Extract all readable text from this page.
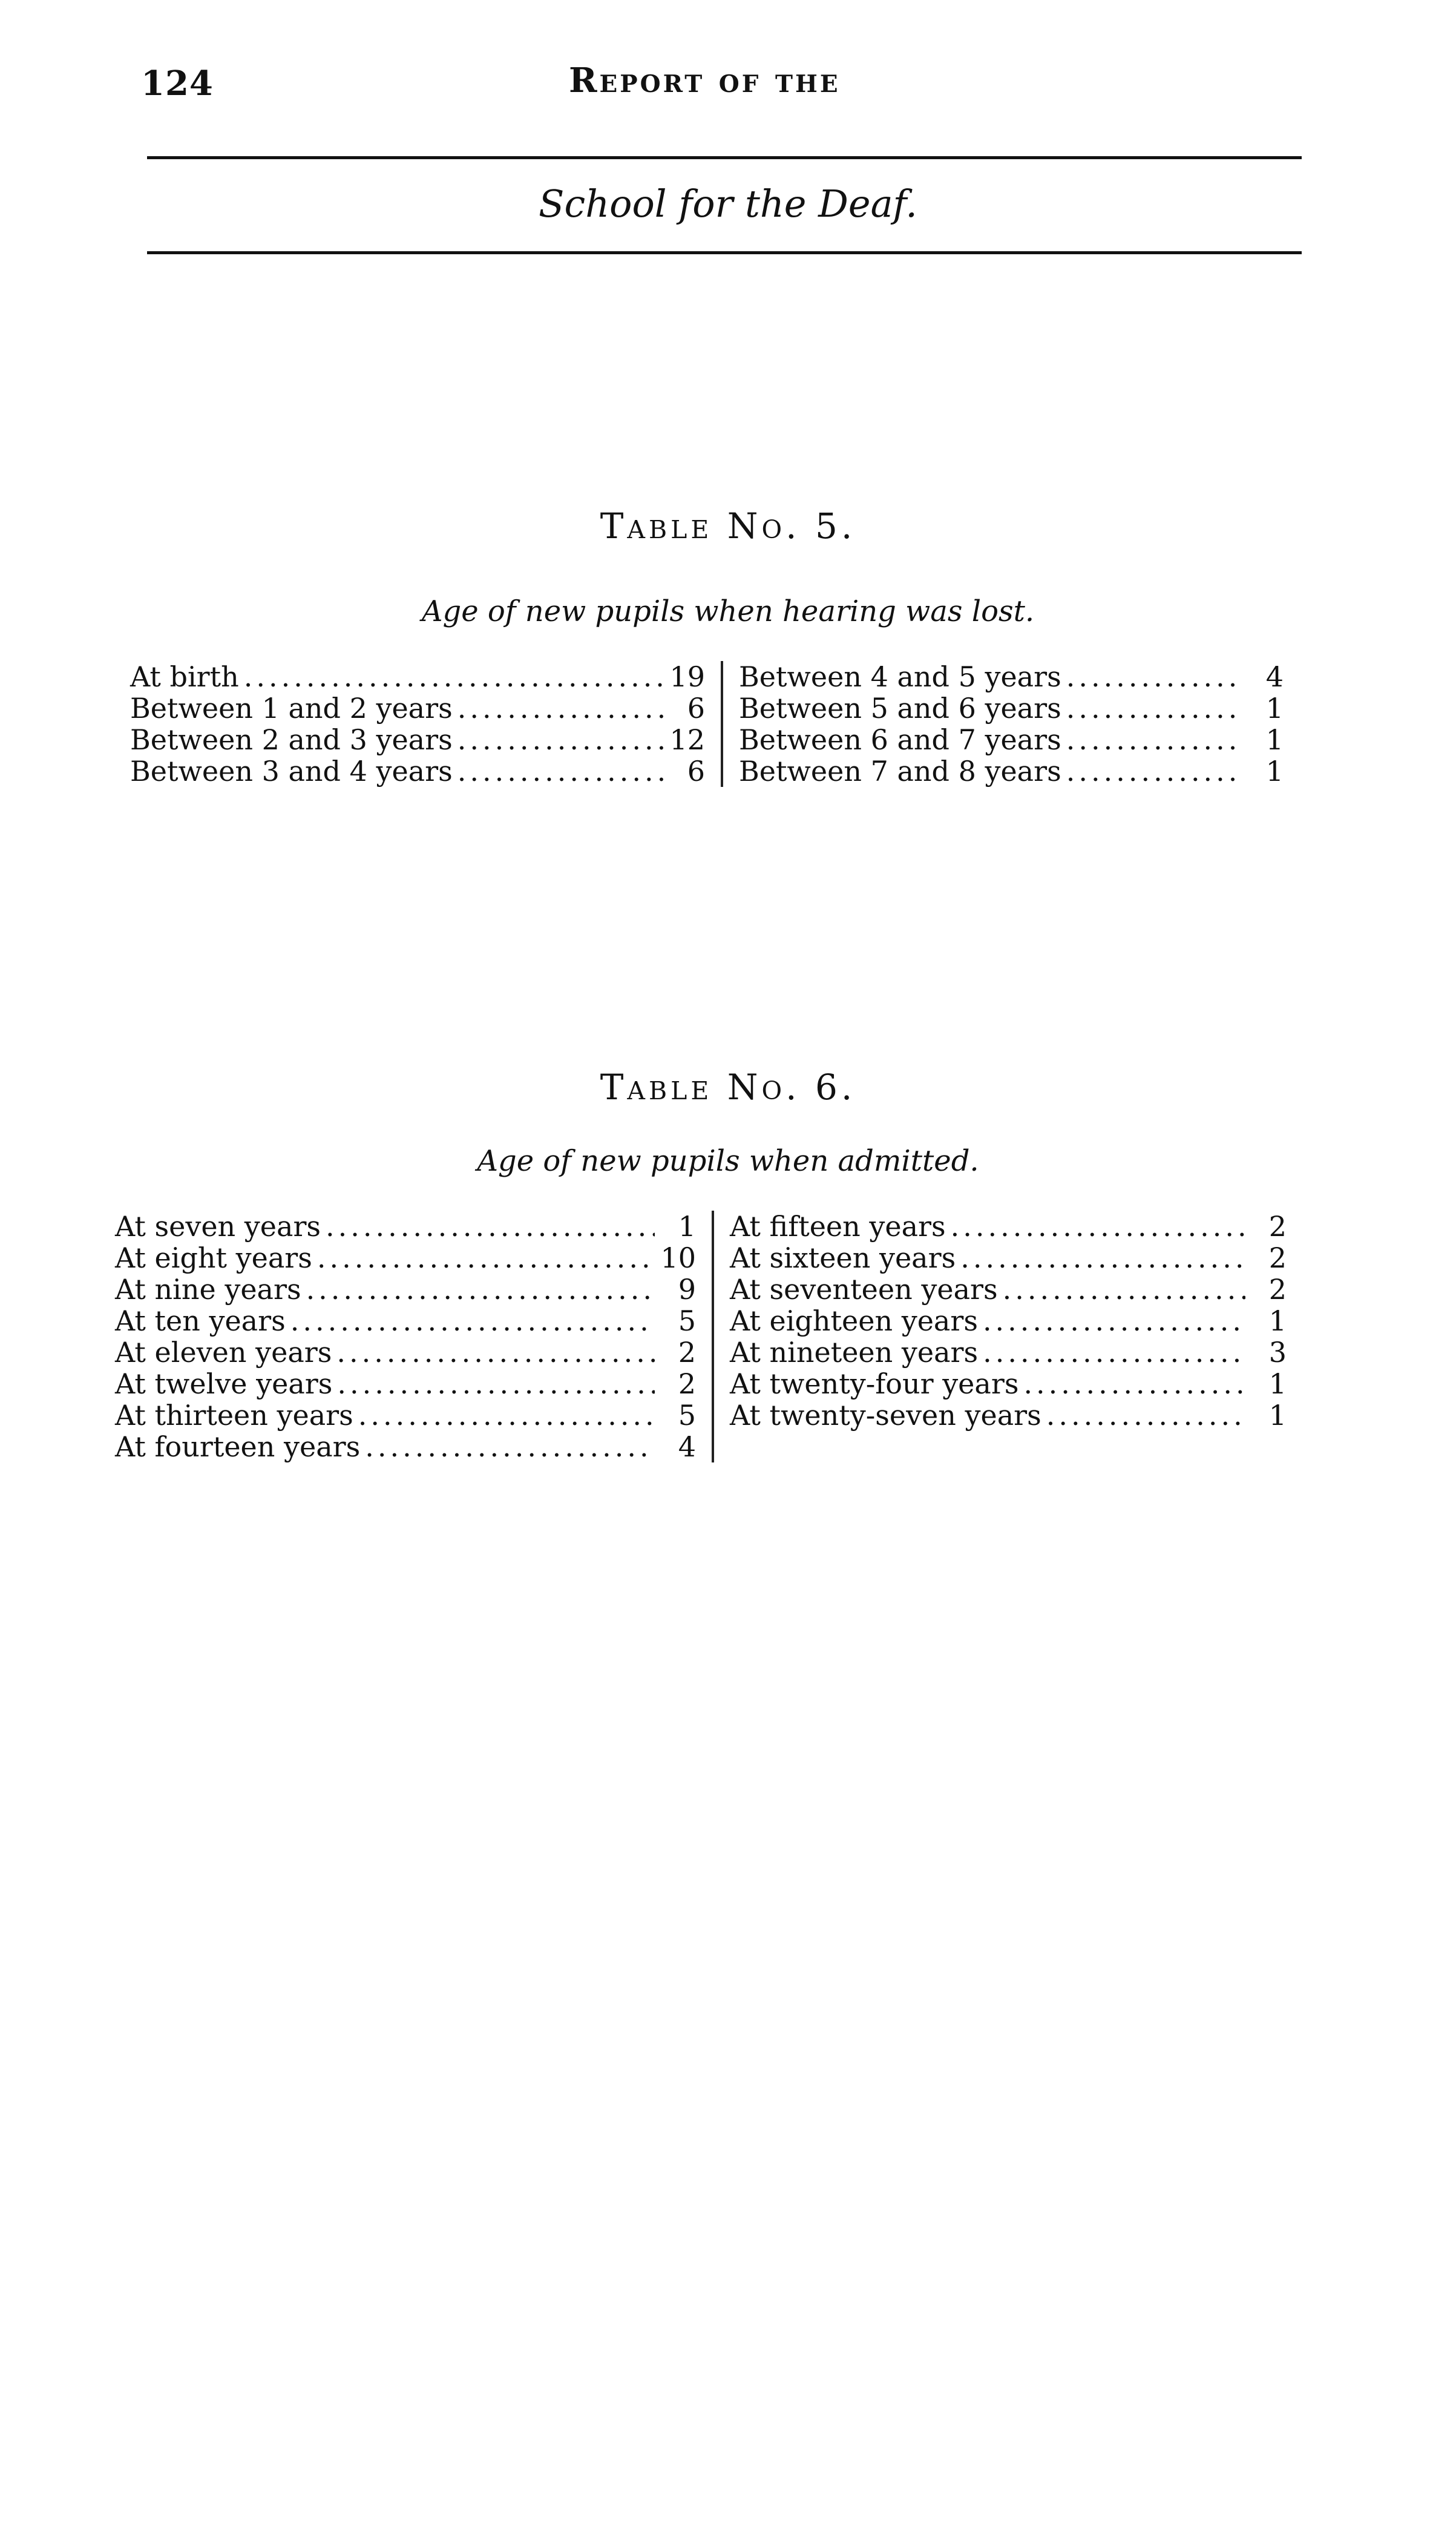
124	Report of the
School for the Deaf.
Table No. 5.
Age of new pupils when hearing was lost.
At birth .....	19
Between 1 and 2 years .....	6
Between 2 and 3 years .....	12
Between 3 and 4 years .....	6
Between 4 and 5 years .....	4
Between 5 and 6 years .....	1
Between 6 and 7 years .....	1
Between 7 and 8 years .....	1
Table No. 6.
Age of new pupils when admitted.
At seven years .....	1
At eight years .....	10
At nine years .....	9
At ten years .....	5
At eleven years .....	2
At twelve years .....	2
At thirteen years .....	5
At fourteen years .....	4
At fifteen years .....	2
At sixteen years .....	2
At seventeen years .....	2
At eighteen years .....	1
At nineteen years .....	3
At twenty-four years .....	1
At twenty-seven years .....	1
